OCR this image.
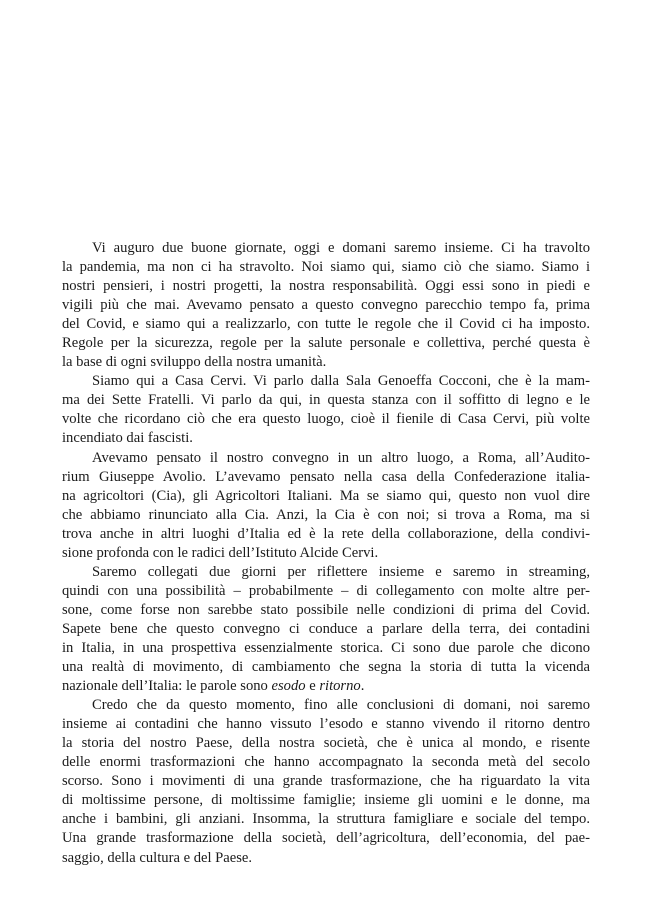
Vi auguro due buone giornate, oggi e domani saremo insieme. Ci ha travolto
la pandemia, ma non ci ha stravolto. Noi siamo qui, siamo ciò che siamo. Siamo i
nostri pensieri, i nostri progetti, la nostra responsabilità. Oggi essi sono in piedi e
vigili più che mai. Avevamo pensato a questo convegno parecchio tempo fa, prima
del Covid, e siamo qui a realizzarlo, con tutte le regole che il Covid ci ha imposto.
Regole per la sicurezza, regole per la salute personale e collettiva, perché questa è
la base di ogni sviluppo della nostra umanità.

Siamo qui a Casa Cervi. Vi parlo dalla Sala Genoeffa Cocconi, che è la mam-
ma dei Sette Fratelli. Vi parlo da qui, in questa stanza con il soffitto di legno e le
volte che ricordano ciò che era questo luogo, cioè il fienile di Casa Cervi, più volte
incendiato dai fascisti.

Avevamo pensato il nostro convegno in un altro luogo, a Roma, all’Audito-
rium Giuseppe Avolio. L’avevamo pensato nella casa della Confederazione italia-
na agricoltori (Cia), gli Agricoltori Italiani. Ma se siamo qui, questo non vuol dire
che abbiamo rinunciato alla Cia. Anzi, la Cia è con noi; si trova a Roma, ma si
trova anche in altri luoghi d’Italia ed è la rete della collaborazione, della condivi-
sione profonda con le radici dell’Istituto Alcide Cervi.

Saremo collegati due giorni per riflettere insieme e saremo in streaming,
quindi con una possibilità – probabilmente – di collegamento con molte altre per-
sone, come forse non sarebbe stato possibile nelle condizioni di prima del Covid.
Sapete bene che questo convegno ci conduce a parlare della terra, dei contadini
in Italia, in una prospettiva essenzialmente storica. Ci sono due parole che dicono
una realtà di movimento, di cambiamento che segna la storia di tutta la vicenda
nazionale dell’Italia: le parole sono esodo e ritorno.

Credo che da questo momento, fino alle conclusioni di domani, noi saremo
insieme ai contadini che hanno vissuto l’esodo e stanno vivendo il ritorno dentro
la storia del nostro Paese, della nostra società, che è unica al mondo, e risente
delle enormi trasformazioni che hanno accompagnato la seconda metà del secolo
scorso. Sono i movimenti di una grande trasformazione, che ha riguardato la vita
di moltissime persone, di moltissime famiglie; insieme gli uomini e le donne, ma
anche i bambini, gli anziani. Insomma, la struttura famigliare e sociale del tempo.
Una grande trasformazione della società, dell’agricoltura, dell’economia, del pae-
saggio, della cultura e del Paese.
